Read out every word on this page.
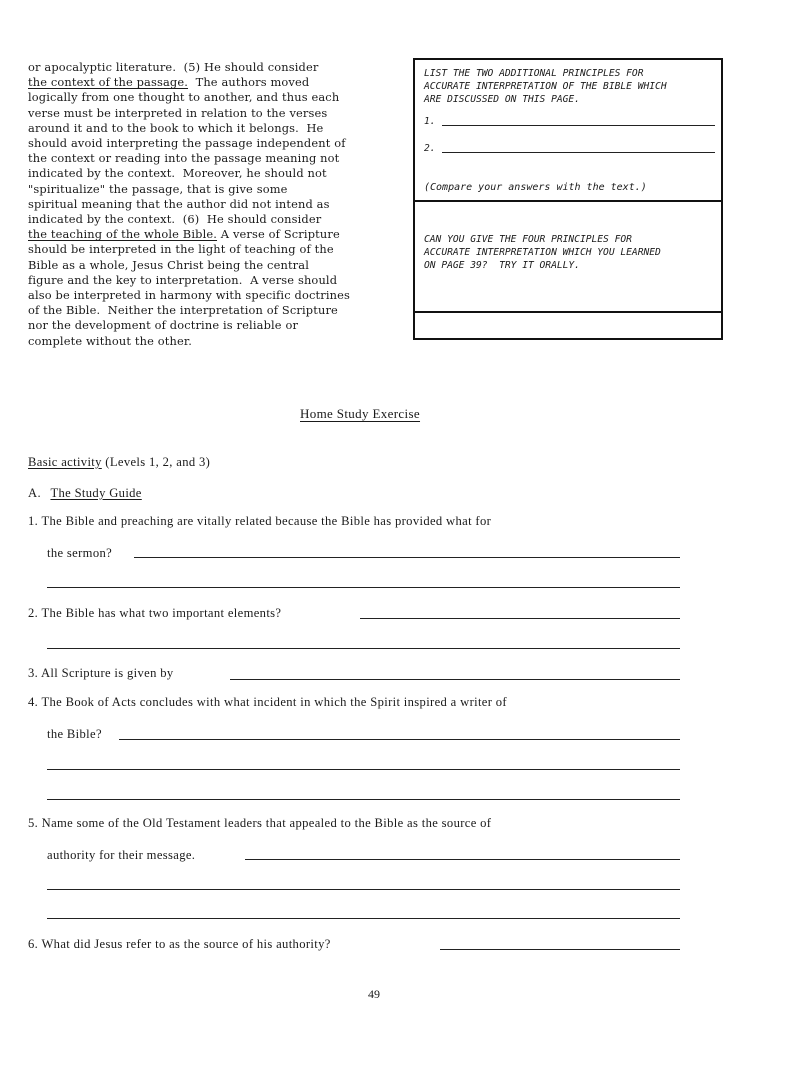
or apocalyptic literature.  (5) He should consider
the context of the passage.  The authors moved
logically from one thought to another, and thus each
verse must be interpreted in relation to the verses
around it and to the book to which it belongs.  He
should avoid interpreting the passage independent of
the context or reading into the passage meaning not
indicated by the context.  Moreover, he should not
"spiritualize" the passage, that is give some
spiritual meaning that the author did not intend as
indicated by the context.  (6)  He should consider
the teaching of the whole Bible. A verse of Scripture
should be interpreted in the light of teaching of the
Bible as a whole, Jesus Christ being the central
figure and the key to interpretation.  A verse should
also be interpreted in harmony with specific doctrines
of the Bible.  Neither the interpretation of Scripture
nor the development of doctrine is reliable or
complete without the other.
LIST THE TWO ADDITIONAL PRINCIPLES FOR
ACCURATE INTERPRETATION OF THE BIBLE WHICH
ARE DISCUSSED ON THIS PAGE.
1.
2.
(Compare your answers with the text.)
CAN YOU GIVE THE FOUR PRINCIPLES FOR
ACCURATE INTERPRETATION WHICH YOU LEARNED
ON PAGE 39?  TRY IT ORALLY.
Home Study Exercise
Basic activity (Levels 1, 2, and 3)
A. The Study Guide
1. The Bible and preaching are vitally related because the Bible has provided what for
the sermon?
2. The Bible has what two important elements?
3. All Scripture is given by
4. The Book of Acts concludes with what incident in which the Spirit inspired a writer of
the Bible?
5. Name some of the Old Testament leaders that appealed to the Bible as the source of
authority for their message.
6. What did Jesus refer to as the source of his authority?
49
